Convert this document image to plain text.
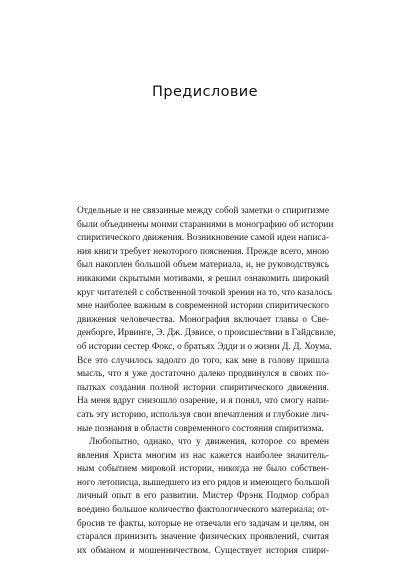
Предисловие
Отдельные и не связанные между собой заметки о спиритизме
были объединены моими стараниями в монографию об истории
спиритического движения. Возникновение самой идеи написа-
ния книги требует некоторого пояснения. Прежде всего, мною
был накоплен большой объем материала, и, не руководствуясь
никакими скрытыми мотивами, я решил ознакомить широкий
круг читателей с собственной точкой зрения на то, что казалось
мне наиболее важным в современной истории спиритического
движения человечества. Монография включает главы о Све-
денборге, Ирвинге, Э. Дж. Дэвисе, о происшествии в Гайдсвиле,
об истории сестер Фокс, о братьях Эдди и о жизни Д. Д. Хоума.
Все это случилось задолго до того, как мне в голову пришла
мысль, что я уже достаточно далеко продвинулся в своих по-
пытках создания полной истории спиритического движения.
На меня вдруг снизошло озарение, и я понял, что смогу напи-
сать эту историю, используя свои впечатления и глубокие лич-
ные познания в области современного состояния спиритизма.
Любопытно, однако, что у движения, которое со времен
явления Христа многим из нас кажется наиболее значитель-
ным событием мировой истории, никогда не было собствен-
ного летописца, вышедшего из его рядов и имеющего большой
личный опыт в его развитии. Мистер Фрэнк Подмор собрал
воедино большое количество фактологического материала; от-
бросив те факты, которые не отвечали его задачам и целям, он
старался принизить значение физических проявлений, считая
их обманом и мошенничеством. Существует история спири-
